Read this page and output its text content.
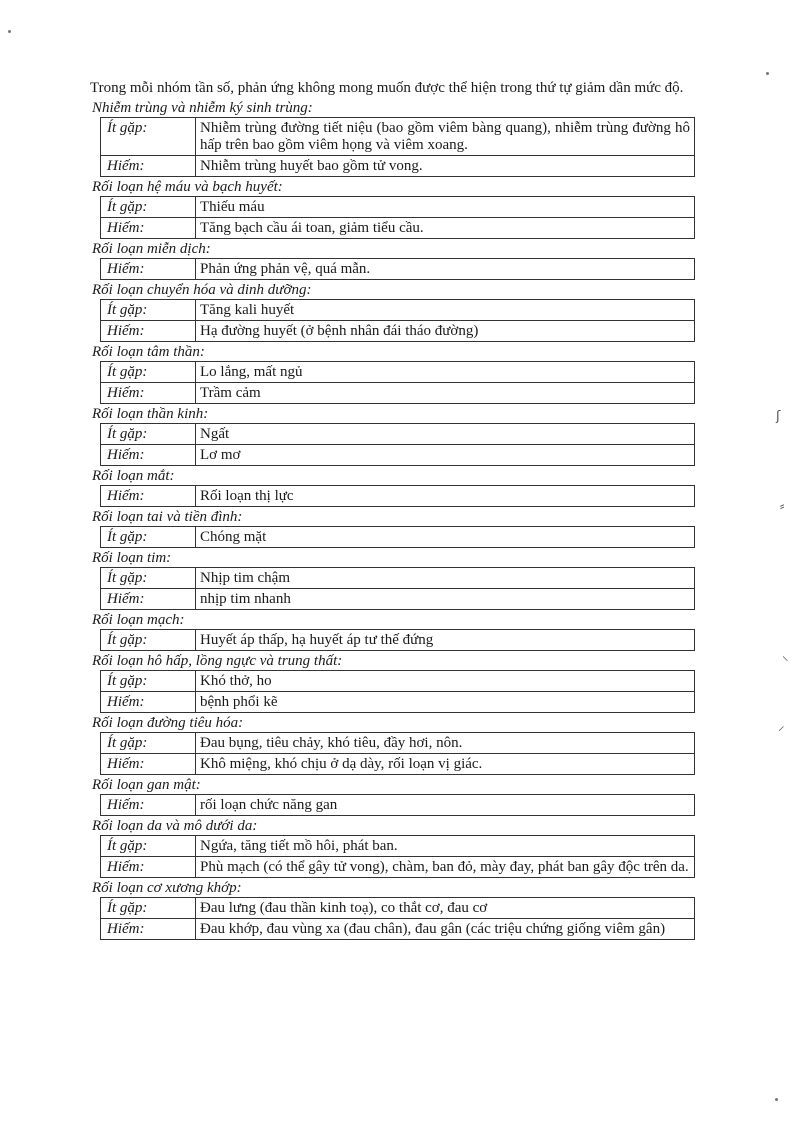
Trong mỗi nhóm tần số, phản ứng không mong muốn được thể hiện trong thứ tự giảm dần mức độ.

Nhiễm trùng và nhiễm ký sinh trùng:
Ít gặp:	Nhiễm trùng đường tiết niệu (bao gồm viêm bàng quang), nhiễm trùng đường hô hấp trên bao gồm viêm họng và viêm xoang.
Hiếm:	Nhiễm trùng huyết bao gồm tử vong.
Rối loạn hệ máu và bạch huyết:
Ít gặp:	Thiếu máu
Hiếm:	Tăng bạch cầu ái toan, giảm tiểu cầu.
Rối loạn miễn dịch:
Hiếm:	Phản ứng phản vệ, quá mẫn.
Rối loạn chuyển hóa và dinh dưỡng:
Ít gặp:	Tăng kali huyết
Hiếm:	Hạ đường huyết (ở bệnh nhân đái tháo đường)
Rối loạn tâm thần:
Ít gặp:	Lo lắng, mất ngủ
Hiếm:	Trầm cảm
Rối loạn thần kinh:
Ít gặp:	Ngất
Hiếm:	Lơ mơ
Rối loạn mắt:
Hiếm:	Rối loạn thị lực
Rối loạn tai và tiền đình:
Ít gặp:	Chóng mặt
Rối loạn tim:
Ít gặp:	Nhịp tim chậm
Hiếm:	nhịp tim nhanh
Rối loạn mạch:
Ít gặp:	Huyết áp thấp, hạ huyết áp tư thế đứng
Rối loạn hô hấp, lồng ngực và trung thất:
Ít gặp:	Khó thở, ho
Hiếm:	bệnh phổi kẽ
Rối loạn đường tiêu hóa:
Ít gặp:	Đau bụng, tiêu chảy, khó tiêu, đầy hơi, nôn.
Hiếm:	Khô miệng, khó chịu ở dạ dày, rối loạn vị giác.
Rối loạn gan mật:
Hiếm:	rối loạn chức năng gan
Rối loạn da và mô dưới da:
Ít gặp:	Ngứa, tăng tiết mồ hôi, phát ban.
Hiếm:	Phù mạch (có thể gây tử vong), chàm, ban đỏ, mày đay, phát ban gây độc trên da.
Rối loạn cơ xương khớp:
Ít gặp:	Đau lưng (đau thần kinh toạ), co thắt cơ, đau cơ
Hiếm:	Đau khớp, đau vùng xa (đau chân), đau gân (các triệu chứng giống viêm gân)
ʃ
⸗
⸜
⸝
